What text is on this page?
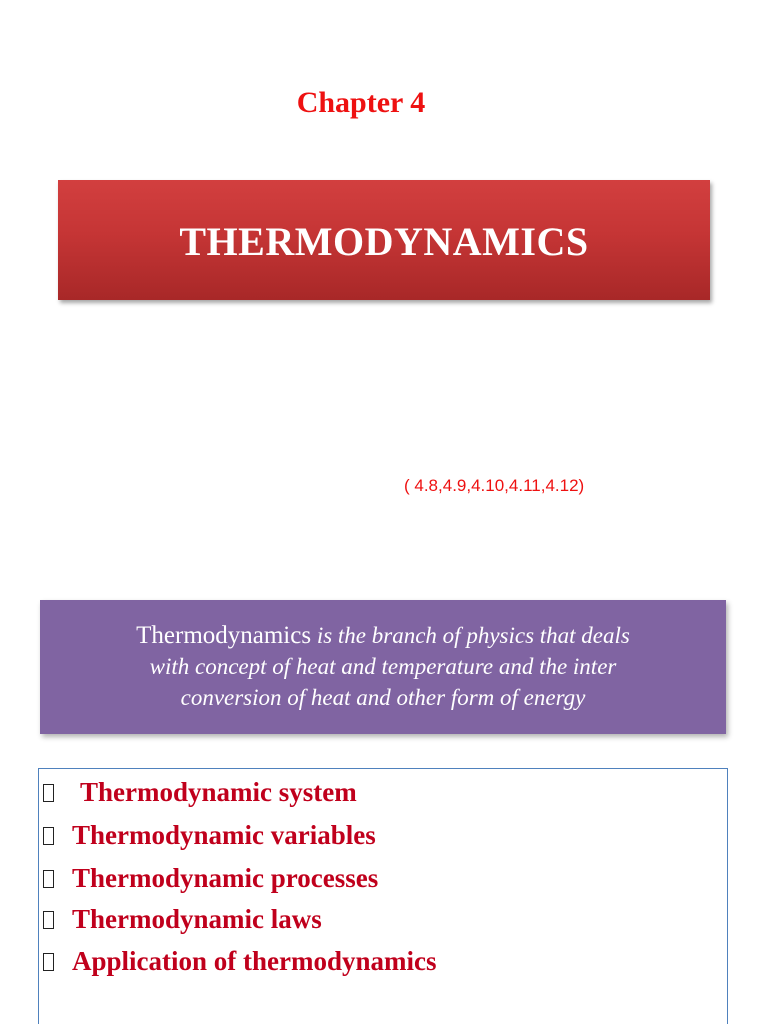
Chapter 4
THERMODYNAMICS
( 4.8,4.9,4.10,4.11,4.12)
Thermodynamics is the branch of physics that deals
with concept of heat and temperature and the inter
conversion of heat and other form of energy
Thermodynamic system
Thermodynamic variables
Thermodynamic processes
Thermodynamic laws
Application of thermodynamics
